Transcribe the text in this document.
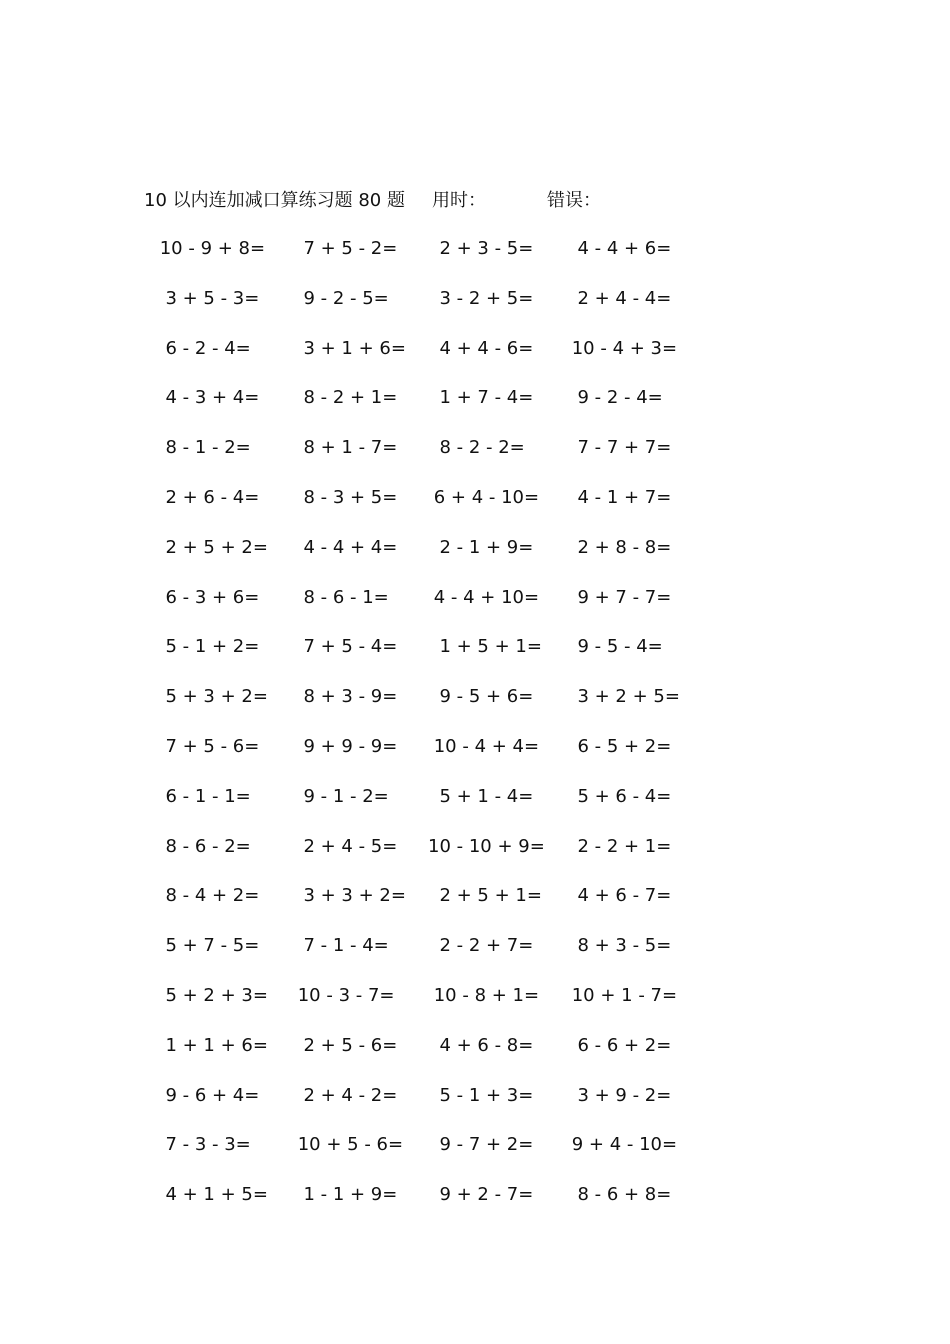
10 以内连加减口算练习题 80 题 用时：	错误：
10 - 9 + 8= 7 + 5 - 2= 2 + 3 - 5= 4 - 4 + 6=
3 + 5 - 3= 9 - 2 - 5= 3 - 2 + 5= 2 + 4 - 4=
6 - 2 - 4= 3 + 1 + 6= 4 + 4 - 6= 10 - 4 + 3=
4 - 3 + 4= 8 - 2 + 1= 1 + 7 - 4= 9 - 2 - 4=
8 - 1 - 2= 8 + 1 - 7= 8 - 2 - 2= 7 - 7 + 7=
2 + 6 - 4= 8 - 3 + 5= 6 + 4 - 10= 4 - 1 + 7=
2 + 5 + 2= 4 - 4 + 4= 2 - 1 + 9= 2 + 8 - 8=
6 - 3 + 6= 8 - 6 - 1= 4 - 4 + 10= 9 + 7 - 7=
5 - 1 + 2= 7 + 5 - 4= 1 + 5 + 1= 9 - 5 - 4=
5 + 3 + 2= 8 + 3 - 9= 9 - 5 + 6= 3 + 2 + 5=
7 + 5 - 6= 9 + 9 - 9= 10 - 4 + 4= 6 - 5 + 2=
6 - 1 - 1= 9 - 1 - 2= 5 + 1 - 4= 5 + 6 - 4=
8 - 6 - 2= 2 + 4 - 5= 10 - 10 + 9= 2 - 2 + 1=
8 - 4 + 2= 3 + 3 + 2= 2 + 5 + 1= 4 + 6 - 7=
5 + 7 - 5= 7 - 1 - 4= 2 - 2 + 7= 8 + 3 - 5=
5 + 2 + 3= 10 - 3 - 7= 10 - 8 + 1= 10 + 1 - 7=
1 + 1 + 6= 2 + 5 - 6= 4 + 6 - 8= 6 - 6 + 2=
9 - 6 + 4= 2 + 4 - 2= 5 - 1 + 3= 3 + 9 - 2=
7 - 3 - 3= 10 + 5 - 6= 9 - 7 + 2= 9 + 4 - 10=
4 + 1 + 5= 1 - 1 + 9= 9 + 2 - 7= 8 - 6 + 8=
